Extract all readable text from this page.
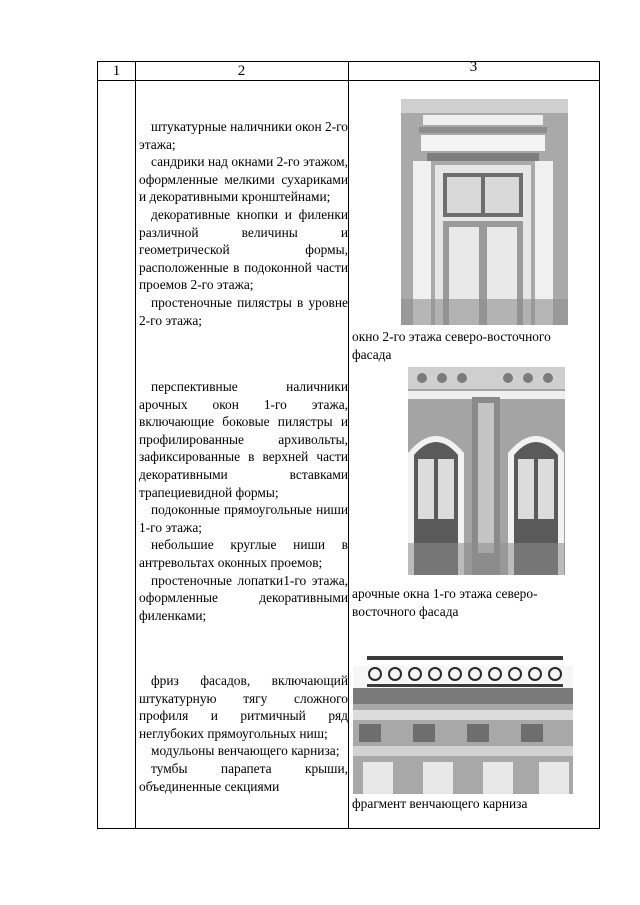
1	2	3

штукатурные наличники окон 2-го этажа;

сандрики над окнами 2-го этажом, оформленные мелкими сухариками и декоративными кронштейнами;

декоративные кнопки и филенки различной величины и геометрической формы, расположенные в подоконной части проемов 2-го этажа;

простеночные пилястры в уровне 2-го этажа;

окно 2-го этажа северо-восточного фасада

перспективные наличники арочных окон 1-го этажа, включающие боковые пилястры и профилированные архивольты, зафиксированные в верхней части декоративными вставками трапециевидной формы;

подоконные прямоугольные ниши 1-го этажа;

небольшие круглые ниши в антревольтах оконных проемов;

простеночные лопатки1-го этажа, оформленные декоративными филенками;

арочные окна 1-го этажа северо-восточного фасада

фриз фасадов, включающий штукатурную тягу сложного профиля и ритмичный ряд неглубоких прямоугольных ниш;

модульоны венчающего карниза;

тумбы парапета крыши, объединенные секциями

фрагмент венчающего карниза
